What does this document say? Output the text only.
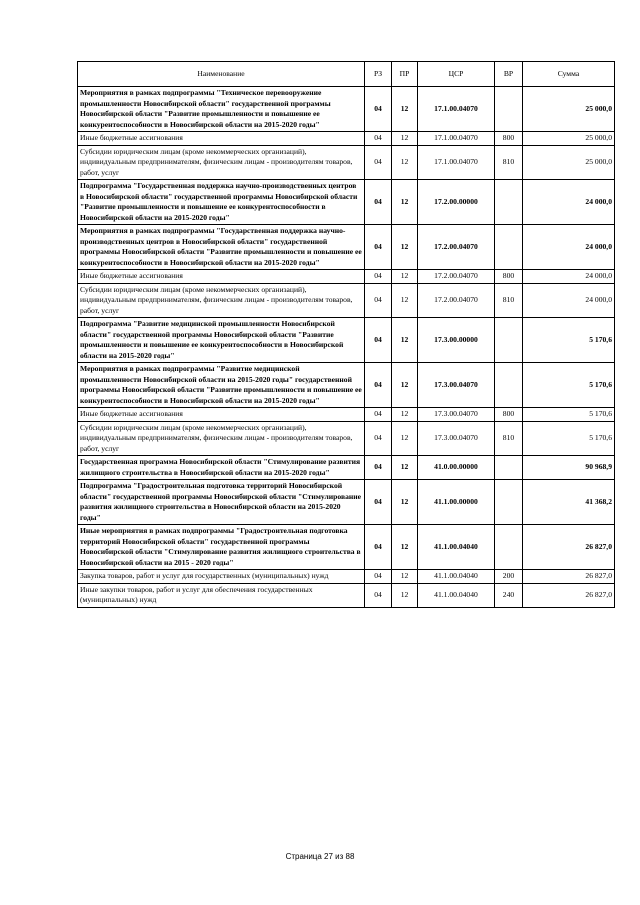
Наименование	РЗ	ПР	ЦСР	ВР	Сумма
Мероприятия в рамках подпрограммы "Техническое перевооружение промышленности Новосибирской области" государственной программы Новосибирской области "Развитие промышленности и повышение ее конкурентоспособности в Новосибирской области на 2015-2020 годы"	04	12	17.1.00.04070		25 000,0
Иные бюджетные ассигнования	04	12	17.1.00.04070	800	25 000,0
Субсидии юридическим лицам (кроме некоммерческих организаций), индивидуальным предпринимателям, физическим лицам - производителям товаров, работ, услуг	04	12	17.1.00.04070	810	25 000,0
Подпрограмма "Государственная поддержка научно-производственных центров в Новосибирской области" государственной программы Новосибирской области "Развитие промышленности и повышение ее конкурентоспособности в Новосибирской области на 2015-2020 годы"	04	12	17.2.00.00000		24 000,0
Мероприятия в рамках подпрограммы "Государственная поддержка научно-производственных центров в Новосибирской области" государственной программы Новосибирской области "Развитие промышленности и повышение ее конкурентоспособности в Новосибирской области на 2015-2020 годы"	04	12	17.2.00.04070		24 000,0
Иные бюджетные ассигнования	04	12	17.2.00.04070	800	24 000,0
Субсидии юридическим лицам (кроме некоммерческих организаций), индивидуальным предпринимателям, физическим лицам - производителям товаров, работ, услуг	04	12	17.2.00.04070	810	24 000,0
Подпрограмма "Развитие медицинской промышленности Новосибирской области" государственной программы Новосибирской области "Развитие промышленности и повышение ее конкурентоспособности в Новосибирской области на 2015-2020 годы"	04	12	17.3.00.00000		5 170,6
Мероприятия в рамках подпрограммы "Развитие медицинской промышленности Новосибирской области на 2015-2020 годы" государственной программы Новосибирской области "Развитие промышленности и повышение ее конкурентоспособности в Новосибирской области на 2015-2020 годы"	04	12	17.3.00.04070		5 170,6
Иные бюджетные ассигнования	04	12	17.3.00.04070	800	5 170,6
Субсидии юридическим лицам (кроме некоммерческих организаций), индивидуальным предпринимателям, физическим лицам - производителям товаров, работ, услуг	04	12	17.3.00.04070	810	5 170,6
Государственная программа Новосибирской области "Стимулирование развития жилищного строительства в Новосибирской области на 2015-2020 годы"	04	12	41.0.00.00000		90 968,9
Подпрограмма "Градостроительная подготовка территорий Новосибирской области" государственной программы Новосибирской области "Стимулирование развития жилищного строительства в Новосибирской области на 2015-2020 годы"	04	12	41.1.00.00000		41 368,2
Иные мероприятия в рамках подпрограммы "Градостроительная подготовка территорий Новосибирской области" государственной программы Новосибирской области "Стимулирование развития жилищного строительства в Новосибирской области на 2015 - 2020 годы"	04	12	41.1.00.04040		26 827,0
Закупка товаров, работ и услуг для государственных (муниципальных) нужд	04	12	41.1.00.04040	200	26 827,0
Иные закупки товаров, работ и услуг для обеспечения государственных (муниципальных) нужд	04	12	41.1.00.04040	240	26 827,0
Страница 27 из 88
